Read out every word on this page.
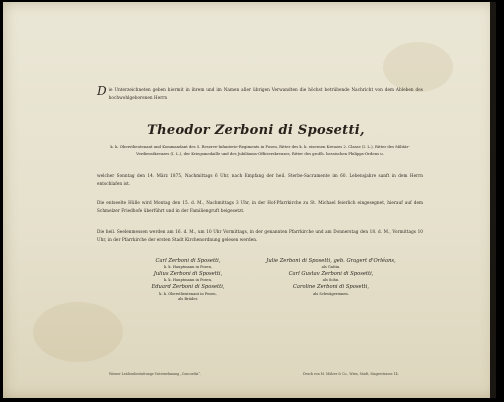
Die Unterzeichneten geben hiermit in ihrem und im Namen aller übrigen Verwandten die höchst betrübende Nachricht von dem Ableben des hochwohlgeborenen Herrn

Theodor Zerboni di Sposetti,

k. k. Oberstlieutenant und Kommandant des 5. Reserve-Infanterie-Regiments in Posen, Ritter des k. k. eisernen Kreuzes 2. Classe (I. L.), Ritter des Militär-Verdienstkreuzes (I. L.), der Kriegsmedaille und des Jubiläums-Officierskreuzes, Ritter des großh. hessischen Philipps-Ordens u.

welcher Sonntag den 14. März 1875, Nachmittags 6 Uhr, nach Empfang der heil. Sterbe-Sacramente im 60. Lebensjahre sanft in dem Herrn entschlafen ist.

Die entseelte Hülle wird Montag den 15. d. M., Nachmittags 3 Uhr, in der Hof-Pfarrkirche zu St. Michael feierlich eingesegnet, hierauf auf dem Schmelzer Friedhofe überführt und in der Familiengruft beigesetzt.

Die heil. Seelenmessen werden am 16. d. M., um 10 Uhr Vormittags, in der genannten Pfarrkirche und am Donnerstag den 18. d. M., Vormittags 10 Uhr, in der Pfarrkirche der ersten Stadt Kirchenordnung gelesen werden.

Carl Zerboni di Sposetti,
k. k. Hauptmann in Posen,
Julius Zerboni di Sposetti,
k. k. Hauptmann in Posen,
Eduard Zerboni di Sposetti,
k. k. Oberstlieutenant in Posen,
als Brüder.
Julie Zerboni di Sposetti, geb. Gragert d'Orléans,
als Gattin.
Carl Gustav Zerboni di Sposetti,
als Sohn.
Caroline Zerboni di Sposetti,
als Schwägerinnen.
Wiener Leichenbestattungs-Unternehmung „Concordia“.	Druck von M. Mölzer & Co., Wien, Stadt, Singerstrasse 14.
